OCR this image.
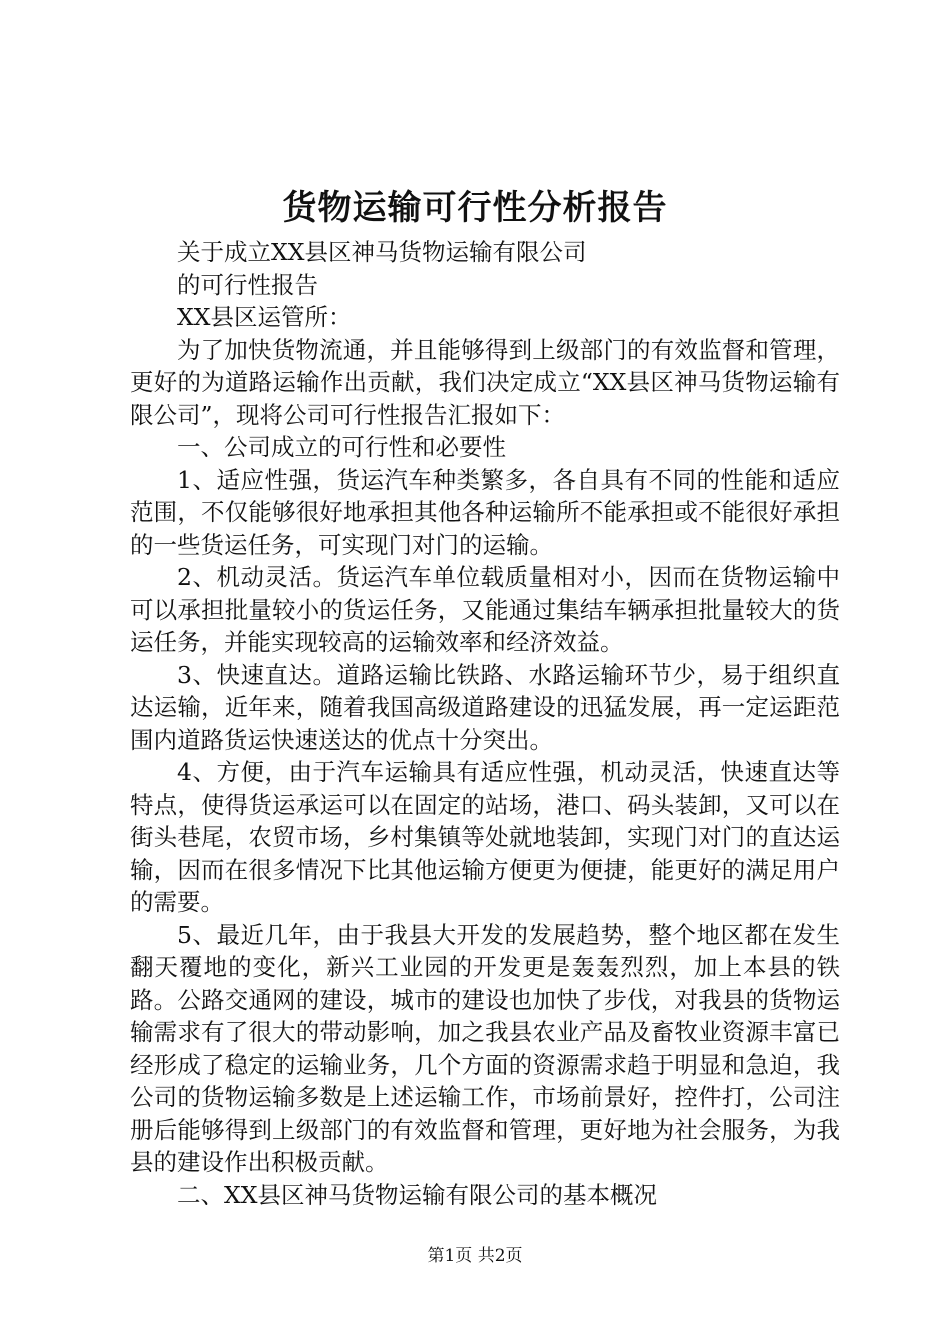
货物运输可行性分析报告

关于成立XX县区神马货物运输有限公司

的可行性报告

XX县区运管所：

为了加快货物流通，并且能够得到上级部门的有效监督和管理，更好的为道路运输作出贡献，我们决定成立“XX县区神马货物运输有限公司”，现将公司可行性报告汇报如下：

一、公司成立的可行性和必要性

1、适应性强，货运汽车种类繁多，各自具有不同的性能和适应范围，不仅能够很好地承担其他各种运输所不能承担或不能很好承担的一些货运任务，可实现门对门的运输。

2、机动灵活。货运汽车单位载质量相对小，因而在货物运输中可以承担批量较小的货运任务，又能通过集结车辆承担批量较大的货运任务，并能实现较高的运输效率和经济效益。

3、快速直达。道路运输比铁路、水路运输环节少，易于组织直达运输，近年来，随着我国高级道路建设的迅猛发展，再一定运距范围内道路货运快速送达的优点十分突出。

4、方便，由于汽车运输具有适应性强，机动灵活，快速直达等特点，使得货运承运可以在固定的站场，港口、码头装卸，又可以在街头巷尾，农贸市场，乡村集镇等处就地装卸，实现门对门的直达运输，因而在很多情况下比其他运输方便更为便捷，能更好的满足用户的需要。

5、最近几年，由于我县大开发的发展趋势，整个地区都在发生翻天覆地的变化，新兴工业园的开发更是轰轰烈烈，加上本县的铁路。公路交通网的建设，城市的建设也加快了步伐，对我县的货物运输需求有了很大的带动影响，加之我县农业产品及畜牧业资源丰富已经形成了稳定的运输业务，几个方面的资源需求趋于明显和急迫，我公司的货物运输多数是上述运输工作，市场前景好，控件打，公司注册后能够得到上级部门的有效监督和管理，更好地为社会服务，为我县的建设作出积极贡献。

二、XX县区神马货物运输有限公司的基本概况

第1页 共2页
